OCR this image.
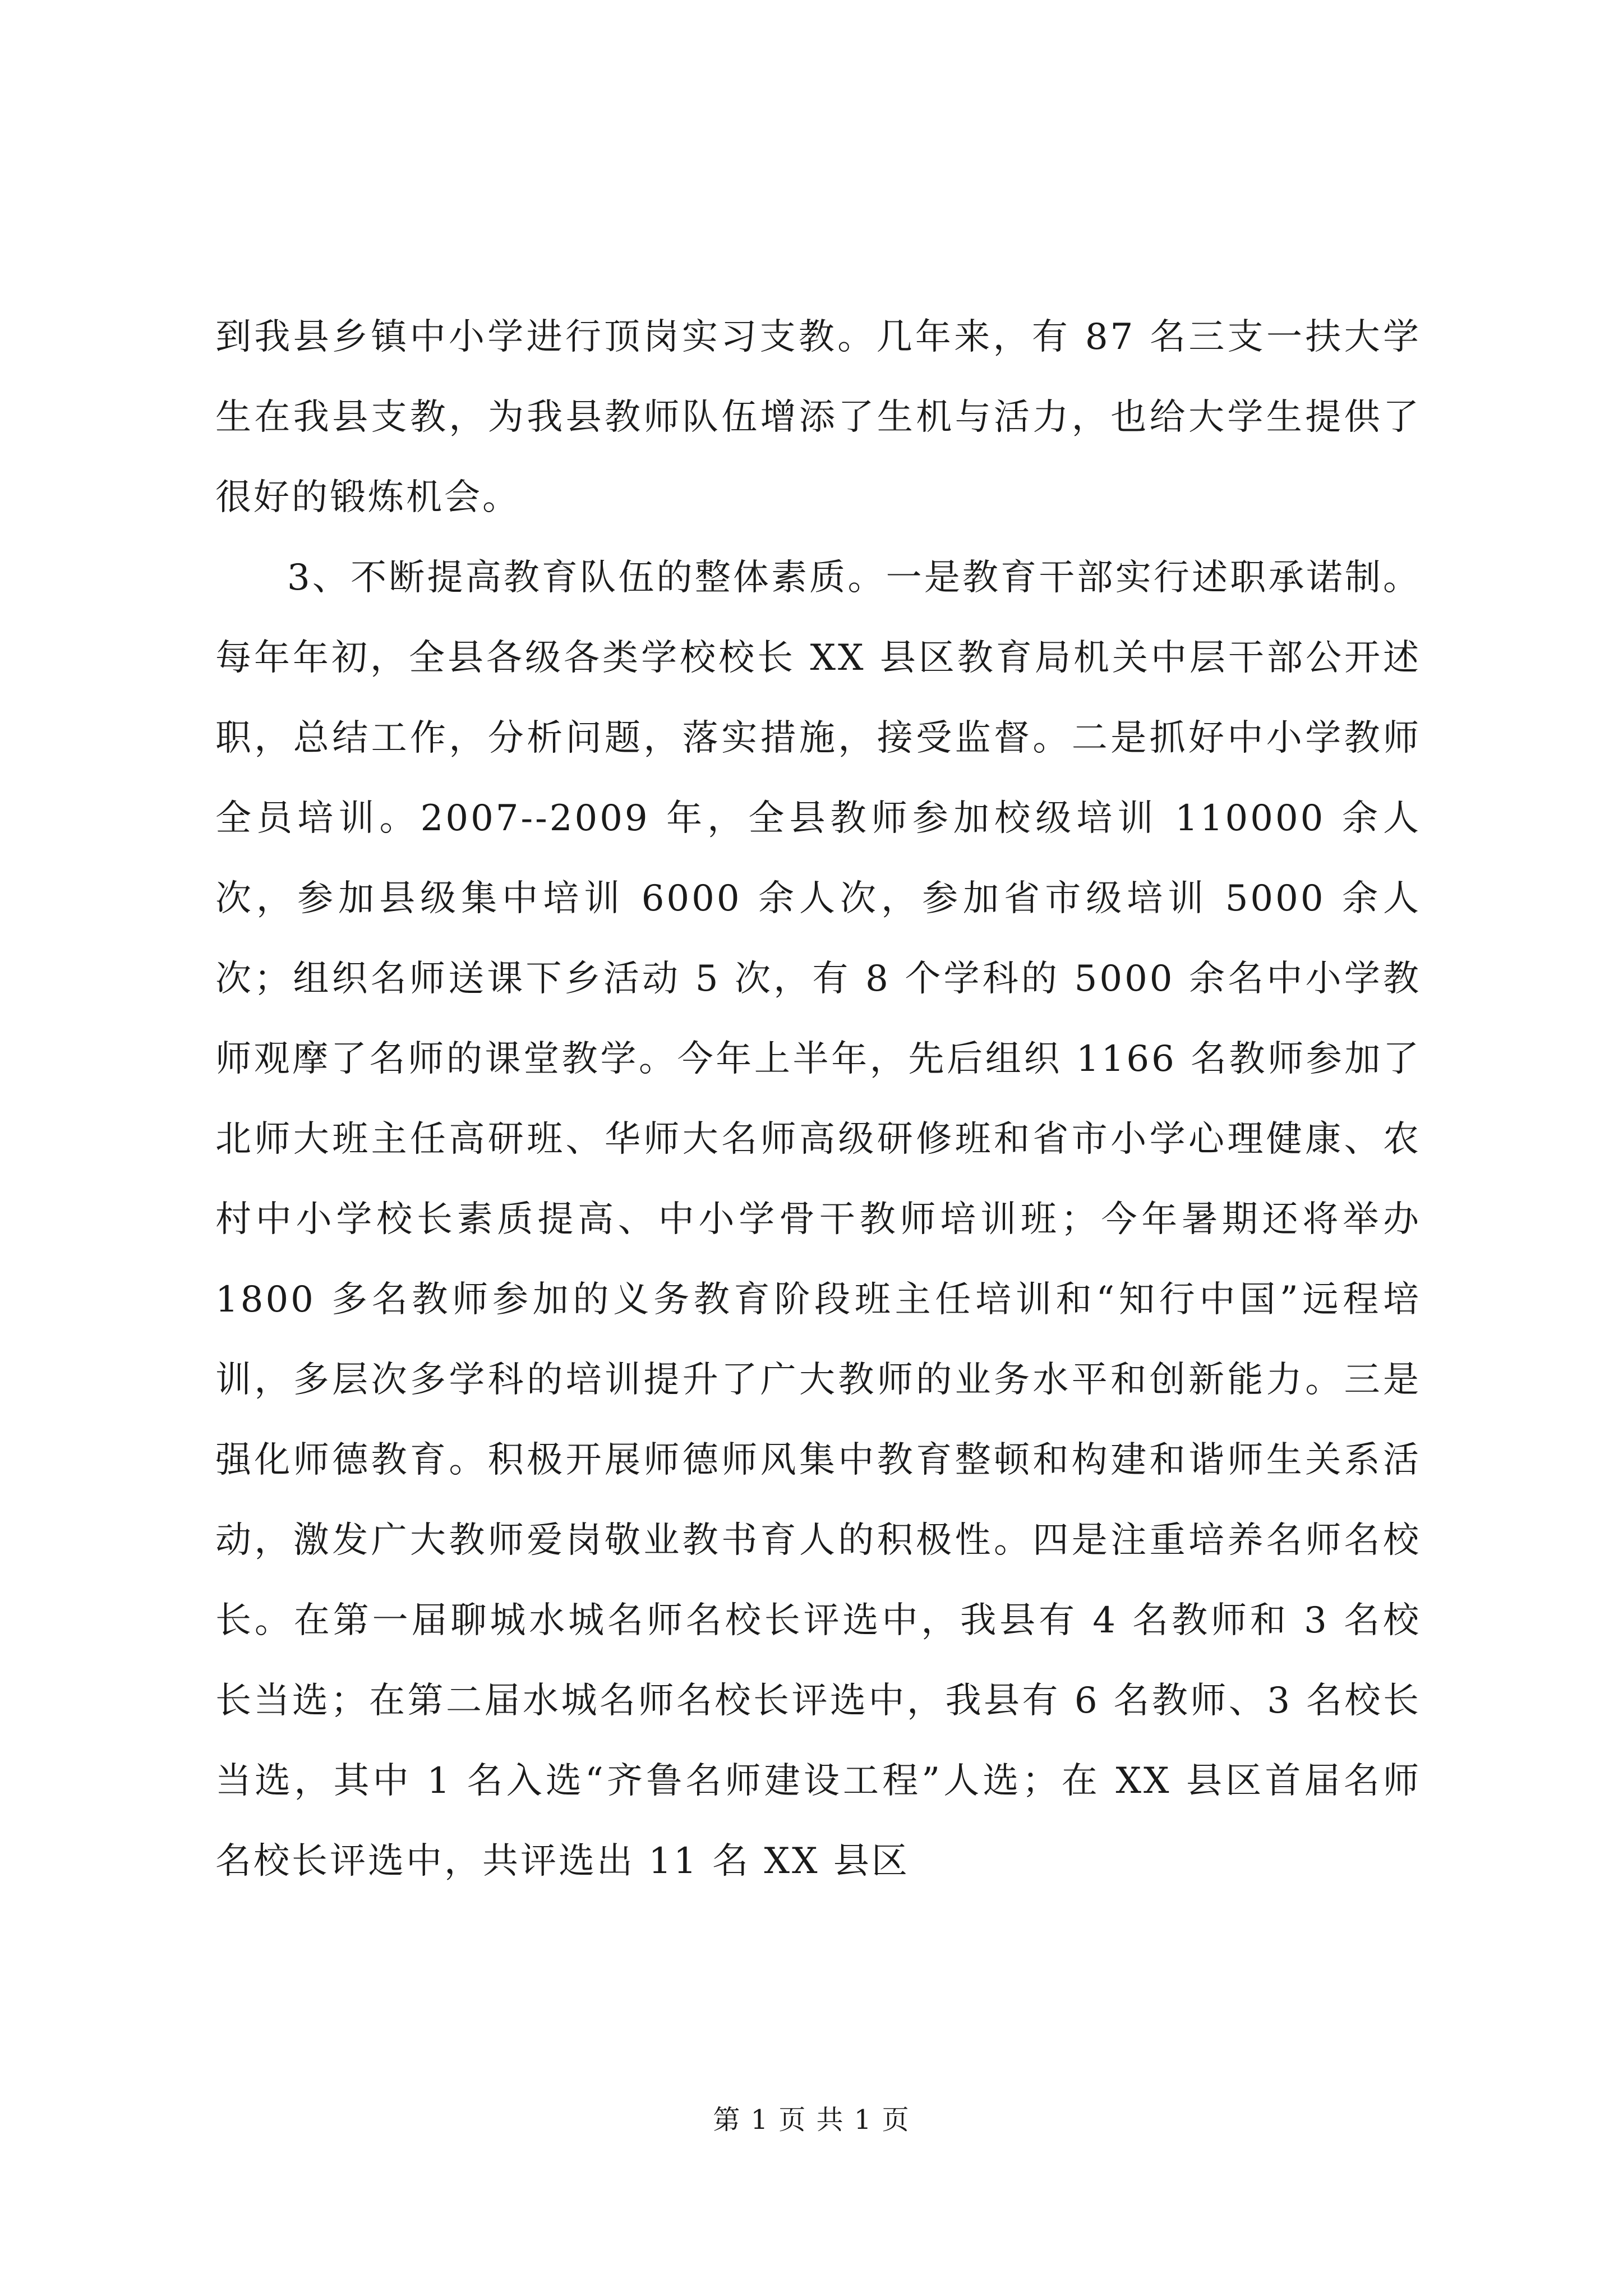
到我县乡镇中小学进行顶岗实习支教。几年来，有 87 名三支一扶大学生在我县支教，为我县教师队伍增添了生机与活力，也给大学生提供了很好的锻炼机会。

3、不断提高教育队伍的整体素质。一是教育干部实行述职承诺制。每年年初，全县各级各类学校校长 XX 县区教育局机关中层干部公开述职，总结工作，分析问题，落实措施，接受监督。二是抓好中小学教师全员培训。2007--2009 年，全县教师参加校级培训 110000 余人次，参加县级集中培训 6000 余人次，参加省市级培训 5000 余人次；组织名师送课下乡活动 5 次，有 8 个学科的 5000 余名中小学教师观摩了名师的课堂教学。今年上半年，先后组织 1166 名教师参加了北师大班主任高研班、华师大名师高级研修班和省市小学心理健康、农村中小学校长素质提高、中小学骨干教师培训班；今年暑期还将举办 1800 多名教师参加的义务教育阶段班主任培训和“知行中国”远程培训，多层次多学科的培训提升了广大教师的业务水平和创新能力。三是强化师德教育。积极开展师德师风集中教育整顿和构建和谐师生关系活动，激发广大教师爱岗敬业教书育人的积极性。四是注重培养名师名校长。在第一届聊城水城名师名校长评选中，我县有 4 名教师和 3 名校长当选；在第二届水城名师名校长评选中，我县有 6 名教师、3 名校长当选，其中 1 名入选“齐鲁名师建设工程”人选；在 XX 县区首届名师名校长评选中，共评选出 11 名 XX 县区

第 1 页 共 1 页
